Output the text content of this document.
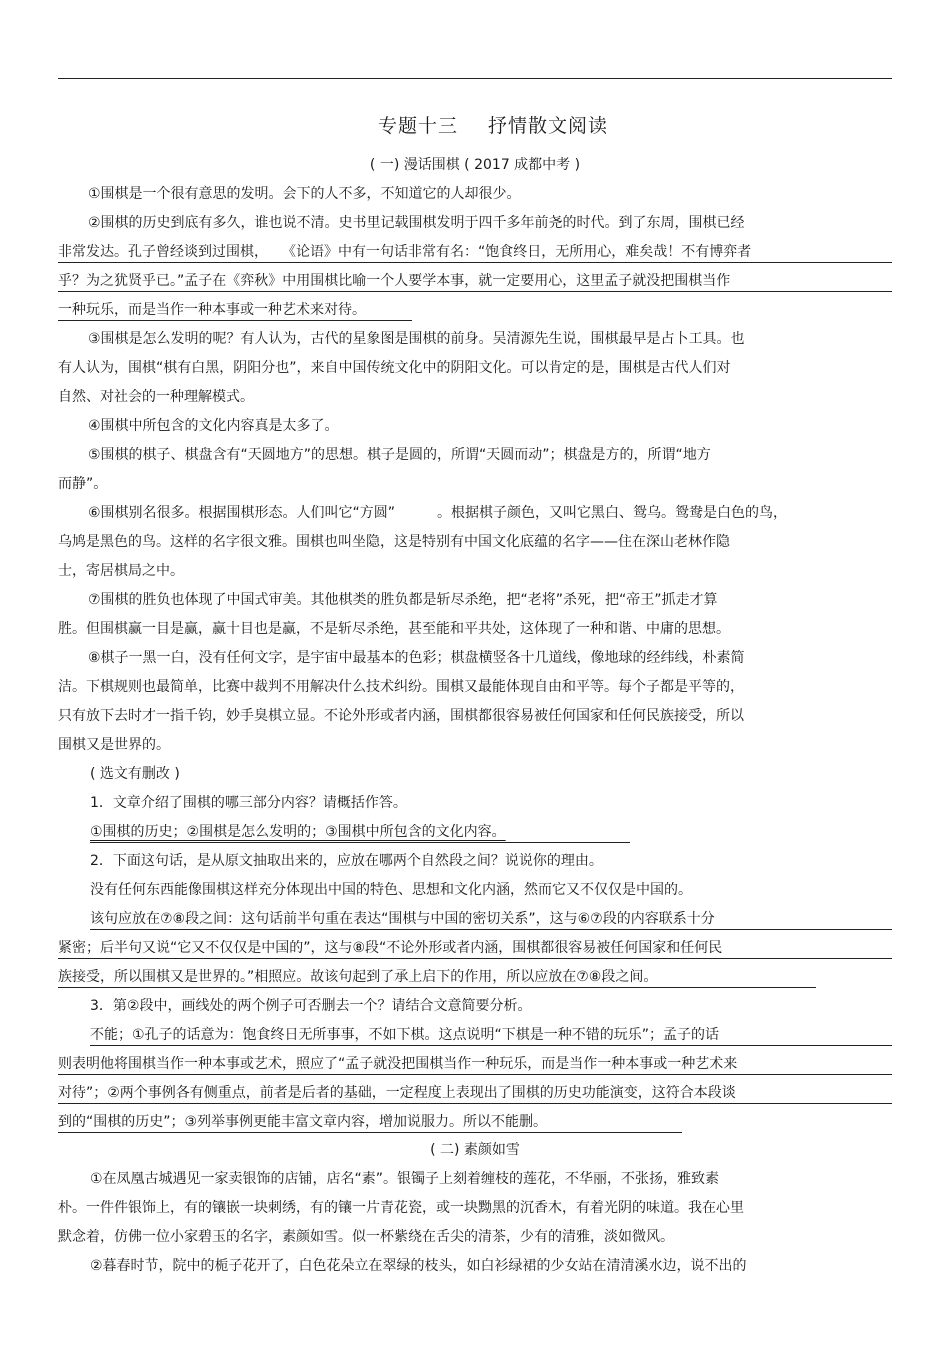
专题十三 抒情散文阅读
( 一) 漫话围棋 ( 2017 成都中考 )
①围棋是一个很有意思的发明。会下的人不多，不知道它的人却很少。
②围棋的历史到底有多久，谁也说不清。史书里记载围棋发明于四千多年前尧的时代。到了东周，围棋已经
非常发达。孔子曾经谈到过围棋，　　《论语》中有一句话非常有名：“饱食终日，无所用心，难矣哉！不有博弈者
乎？为之犹贤乎已。”孟子在《弈秋》中用围棋比喻一个人要学本事，就一定要用心，这里孟子就没把围棋当作
一种玩乐，而是当作一种本事或一种艺术来对待。
③围棋是怎么发明的呢？有人认为，古代的星象图是围棋的前身。吴清源先生说，围棋最早是占卜工具。也
有人认为，围棋“棋有白黑，阴阳分也”，来自中国传统文化中的阴阳文化。可以肯定的是，围棋是古代人们对
自然、对社会的一种理解模式。
④围棋中所包含的文化内容真是太多了。
⑤围棋的棋子、棋盘含有“天圆地方”的思想。棋子是圆的，所谓“天圆而动”；棋盘是方的，所谓“地方
而静”。
⑥围棋别名很多。根据围棋形态。人们叫它“方圆”　　　。根据棋子颜色，又叫它黑白、鸳乌。鸳鸯是白色的鸟，
乌鸠是黑色的鸟。这样的名字很文雅。围棋也叫坐隐，这是特别有中国文化底蕴的名字——住在深山老林作隐
士，寄居棋局之中。
⑦围棋的胜负也体现了中国式审美。其他棋类的胜负都是斩尽杀绝，把“老将”杀死，把“帝王”抓走才算
胜。但围棋赢一目是赢，赢十目也是赢，不是斩尽杀绝，甚至能和平共处，这体现了一种和谐、中庸的思想。
⑧棋子一黑一白，没有任何文字，是宇宙中最基本的色彩；棋盘横竖各十几道线，像地球的经纬线，朴素简
洁。下棋规则也最简单，比赛中裁判不用解决什么技术纠纷。围棋又最能体现自由和平等。每个子都是平等的，
只有放下去时才一指千钧，妙手臭棋立显。不论外形或者内涵，围棋都很容易被任何国家和任何民族接受，所以
围棋又是世界的。
( 选文有删改 )
1．文章介绍了围棋的哪三部分内容？请概括作答。
①围棋的历史；②围棋是怎么发明的；③围棋中所包含的文化内容。
2．下面这句话，是从原文抽取出来的，应放在哪两个自然段之间？说说你的理由。
没有任何东西能像围棋这样充分体现出中国的特色、思想和文化内涵，然而它又不仅仅是中国的。
该句应放在⑦⑧段之间：这句话前半句重在表达“围棋与中国的密切关系”，这与⑥⑦段的内容联系十分
紧密；后半句又说“它又不仅仅是中国的”，这与⑧段“不论外形或者内涵，围棋都很容易被任何国家和任何民
族接受，所以围棋又是世界的。”相照应。故该句起到了承上启下的作用，所以应放在⑦⑧段之间。
3．第②段中，画线处的两个例子可否删去一个？请结合文意简要分析。
不能；①孔子的话意为：饱食终日无所事事，不如下棋。这点说明“下棋是一种不错的玩乐”；孟子的话
则表明他将围棋当作一种本事或艺术，照应了“孟子就没把围棋当作一种玩乐，而是当作一种本事或一种艺术来
对待”；②两个事例各有侧重点，前者是后者的基础，一定程度上表现出了围棋的历史功能演变，这符合本段谈
到的“围棋的历史”；③列举事例更能丰富文章内容，增加说服力。所以不能删。
( 二) 素颜如雪
①在凤凰古城遇见一家卖银饰的店铺，店名“素”。银镯子上刻着缠枝的莲花，不华丽，不张扬，雅致素
朴。一件件银饰上，有的镶嵌一块刺绣，有的镶一片青花瓷，或一块黝黑的沉香木，有着光阴的味道。我在心里
默念着，仿佛一位小家碧玉的名字，素颜如雪。似一杯紫绕在舌尖的清茶，少有的清雅，淡如微风。
②暮春时节，院中的栀子花开了，白色花朵立在翠绿的枝头，如白衫绿裙的少女站在清清溪水边，说不出的
